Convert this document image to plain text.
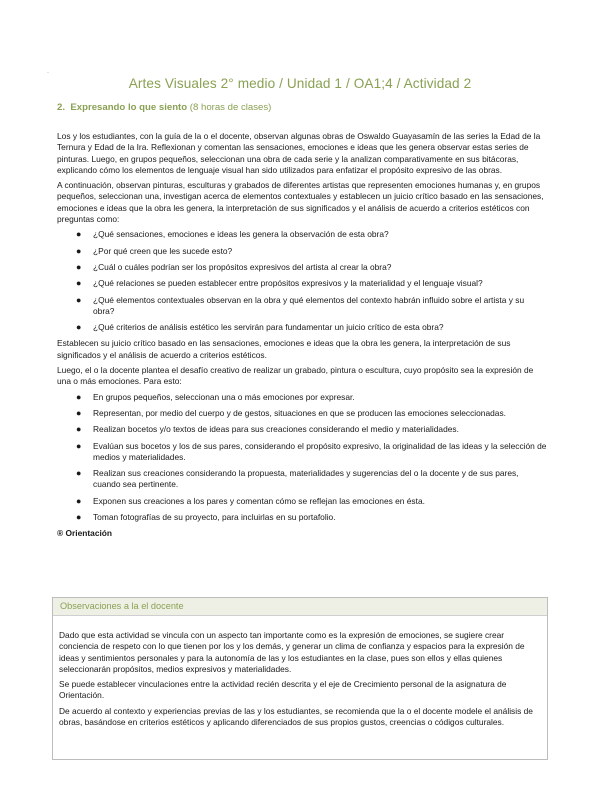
·
Artes Visuales 2° medio / Unidad 1 / OA1;4 / Actividad 2
2. Expresando lo que siento (8 horas de clases)

Los y los estudiantes, con la guía de la o el docente, observan algunas obras de Oswaldo Guayasamín de las series la Edad de la Ternura y Edad de la Ira. Reflexionan y comentan las sensaciones, emociones e ideas que les genera observar estas series de pinturas. Luego, en grupos pequeños, seleccionan una obra de cada serie y la analizan comparativamente en sus bitácoras, explicando cómo los elementos de lenguaje visual han sido utilizados para enfatizar el propósito expresivo de las obras.

A continuación, observan pinturas, esculturas y grabados de diferentes artistas que representen emociones humanas y, en grupos pequeños, seleccionan una, investigan acerca de elementos contextuales y establecen un juicio crítico basado en las sensaciones, emociones e ideas que la obra les genera, la interpretación de sus significados y el análisis de acuerdo a criterios estéticos con preguntas como:

● ¿Qué sensaciones, emociones e ideas les genera la observación de esta obra?
● ¿Por qué creen que les sucede esto?
● ¿Cuál o cuáles podrían ser los propósitos expresivos del artista al crear la obra?
● ¿Qué relaciones se pueden establecer entre propósitos expresivos y la materialidad y el lenguaje visual?
● ¿Qué elementos contextuales observan en la obra y qué elementos del contexto habrán influido sobre el artista y su obra?
● ¿Qué criterios de análisis estético les servirán para fundamentar un juicio crítico de esta obra?

Establecen su juicio crítico basado en las sensaciones, emociones e ideas que la obra les genera, la interpretación de sus significados y el análisis de acuerdo a criterios estéticos.

Luego, el o la docente plantea el desafío creativo de realizar un grabado, pintura o escultura, cuyo propósito sea la expresión de una o más emociones. Para esto:

● En grupos pequeños, seleccionan una o más emociones por expresar.
● Representan, por medio del cuerpo y de gestos, situaciones en que se producen las emociones seleccionadas.
● Realizan bocetos y/o textos de ideas para sus creaciones considerando el medio y materialidades.
● Evalúan sus bocetos y los de sus pares, considerando el propósito expresivo, la originalidad de las ideas y la selección de medios y materialidades.
● Realizan sus creaciones considerando la propuesta, materialidades y sugerencias del o la docente y de sus pares, cuando sea pertinente.
● Exponen sus creaciones a los pares y comentan cómo se reflejan las emociones en ésta.
● Toman fotografías de su proyecto, para incluirlas en su portafolio.
® Orientación
Observaciones a la el docente

Dado que esta actividad se vincula con un aspecto tan importante como es la expresión de emociones, se sugiere crear conciencia de respeto con lo que tienen por los y los demás, y generar un clima de confianza y espacios para la expresión de ideas y sentimientos personales y para la autonomía de las y los estudiantes en la clase, pues son ellos y ellas quienes seleccionarán propósitos, medios expresivos y materialidades.

Se puede establecer vinculaciones entre la actividad recién descrita y el eje de Crecimiento personal de la asignatura de Orientación.

De acuerdo al contexto y experiencias previas de las y los estudiantes, se recomienda que la o el docente modele el análisis de obras, basándose en criterios estéticos y aplicando diferenciados de sus propios gustos, creencias o códigos culturales.
